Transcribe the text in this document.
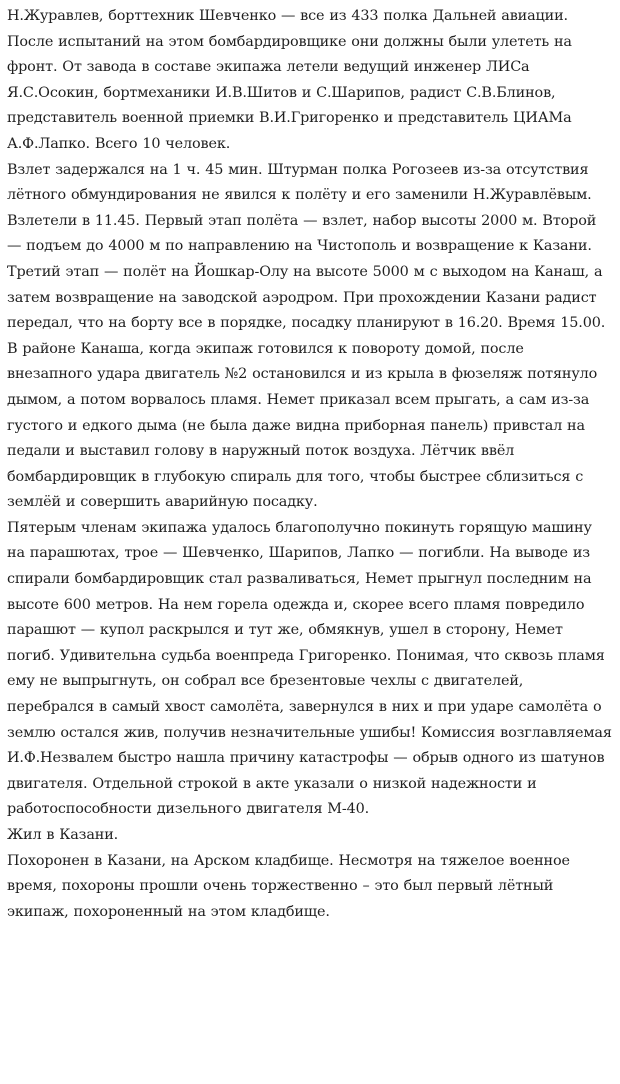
Н.Журавлев, борттехник Шевченко — все из 433 полка Дальней авиации. После испытаний на этом бомбардировщике они должны были улететь на фронт. От завода в составе экипажа летели ведущий инженер ЛИСа Я.С.Осокин, бортмеханики И.В.Шитов и С.Шарипов, радист С.В.Блинов, представитель военной приемки В.И.Григоренко и представитель ЦИАМа А.Ф.Лапко. Всего 10 человек.

Взлет задержался на 1 ч. 45 мин. Штурман полка Рогозеев из-за отсутствия лётного обмундирования не явился к полёту и его заменили Н.Журавлёвым. Взлетели в 11.45. Первый этап полёта — взлет, набор высоты 2000 м. Второй — подъем до 4000 м по направлению на Чистополь и возвращение к Казани. Третий этап — полёт на Йошкар-Олу на высоте 5000 м с выходом на Канаш, а затем возвращение на заводской аэродром. При прохождении Казани радист передал, что на борту все в порядке, посадку планируют в 16.20. Время 15.00. В районе Канаша, когда экипаж готовился к повороту домой, после внезапного удара двигатель №2 остановился и из крыла в фюзеляж потянуло дымом, а потом ворвалось пламя. Немет приказал всем прыгать, а сам из-за густого и едкого дыма (не была даже видна приборная панель) привстал на педали и выставил голову в наружный поток воздуха. Лётчик ввёл бомбардировщик в глубокую спираль для того, чтобы быстрее сблизиться с землёй и совершить аварийную посадку.

Пятерым членам экипажа удалось благополучно покинуть горящую машину на парашютах, трое — Шевченко, Шарипов, Лапко — погибли. На выводе из спирали бомбардировщик стал разваливаться, Немет прыгнул последним на высоте 600 метров. На нем горела одежда и, скорее всего пламя повредило парашют — купол раскрылся и тут же, обмякнув, ушел в сторону, Немет погиб. Удивительна судьба военпреда Григоренко. Понимая, что сквозь пламя ему не выпрыгнуть, он собрал все брезентовые чехлы с двигателей, перебрался в самый хвост самолёта, завернулся в них и при ударе самолёта о землю остался жив, получив незначительные ушибы! Комиссия возглавляемая И.Ф.Незвалем быстро нашла причину катастрофы — обрыв одного из шатунов двигателя. Отдельной строкой в акте указали о низкой надежности и работоспособности дизельного двигателя М-40.

Жил в Казани.

Похоронен в Казани, на Арском кладбище. Несмотря на тяжелое военное время, похороны прошли очень торжественно – это был первый лётный экипаж, похороненный на этом кладбище.
